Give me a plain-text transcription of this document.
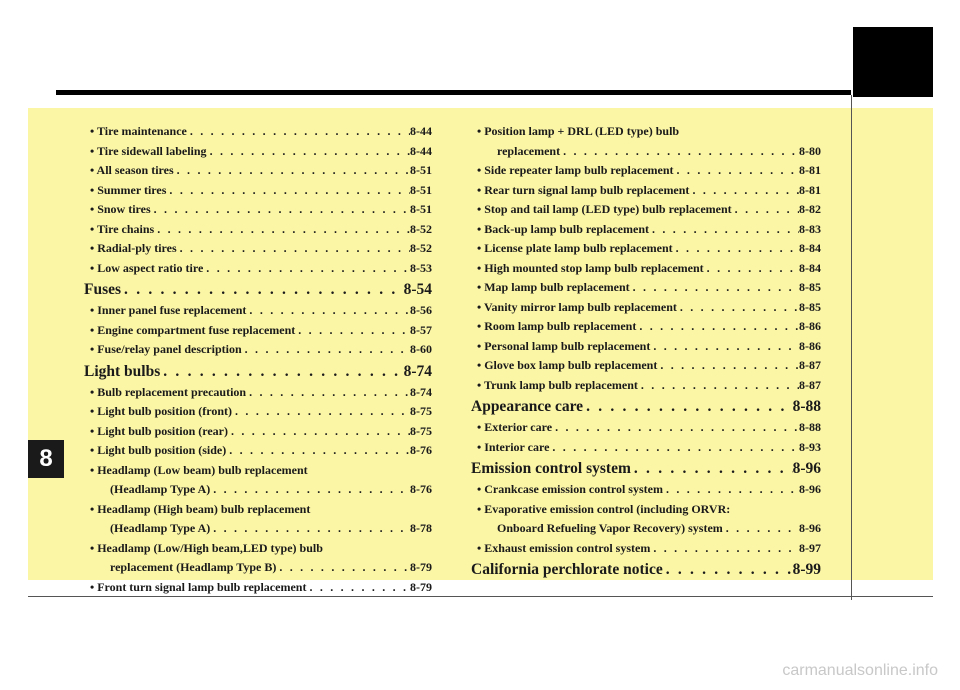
8
• Tire maintenance . . .	8-44
• Tire sidewall labeling . . .	8-44
• All season tires . . .	8-51
• Summer tires . . .	8-51
• Snow tires . . .	8-51
• Tire chains . . .	8-52
• Radial-ply tires . . .	8-52
• Low aspect ratio tire . . .	8-53
Fuses . . .	8-54
• Inner panel fuse replacement . . .	8-56
• Engine compartment fuse replacement . . .	8-57
• Fuse/relay panel description . . .	8-60
Light bulbs . . .	8-74
• Bulb replacement precaution . . .	8-74
• Light bulb position (front) . . .	8-75
• Light bulb position (rear) . . .	8-75
• Light bulb position (side) . . .	8-76
• Headlamp (Low beam) bulb replacement
(Headlamp Type A) . . .	8-76
• Headlamp (High beam) bulb replacement
(Headlamp Type A) . . .	8-78
• Headlamp (Low/High beam,LED type) bulb
replacement (Headlamp Type B) . . .	8-79
• Front turn signal lamp bulb replacement . . .	8-79
• Position lamp + DRL (LED type) bulb
replacement . . .	8-80
• Side repeater lamp bulb replacement . . .	8-81
• Rear turn signal lamp bulb replacement . . .	8-81
• Stop and tail lamp (LED type) bulb replacement . . .	8-82
• Back-up lamp bulb replacement . . .	8-83
• License plate lamp bulb replacement . . .	8-84
• High mounted stop lamp bulb replacement . . .	8-84
• Map lamp bulb replacement . . .	8-85
• Vanity mirror lamp bulb replacement . . .	8-85
• Room lamp bulb replacement . . .	8-86
• Personal lamp bulb replacement . . .	8-86
• Glove box lamp bulb replacement . . .	8-87
• Trunk lamp bulb replacement . . .	8-87
Appearance care . . .	8-88
• Exterior care . . .	8-88
• Interior care . . .	8-93
Emission control system . . .	8-96
• Crankcase emission control system . . .	8-96
• Evaporative emission control (including ORVR:
Onboard Refueling Vapor Recovery) system . . .	8-96
• Exhaust emission control system . . .	8-97
California perchlorate notice . . .	8-99
carmanualsonline.info
